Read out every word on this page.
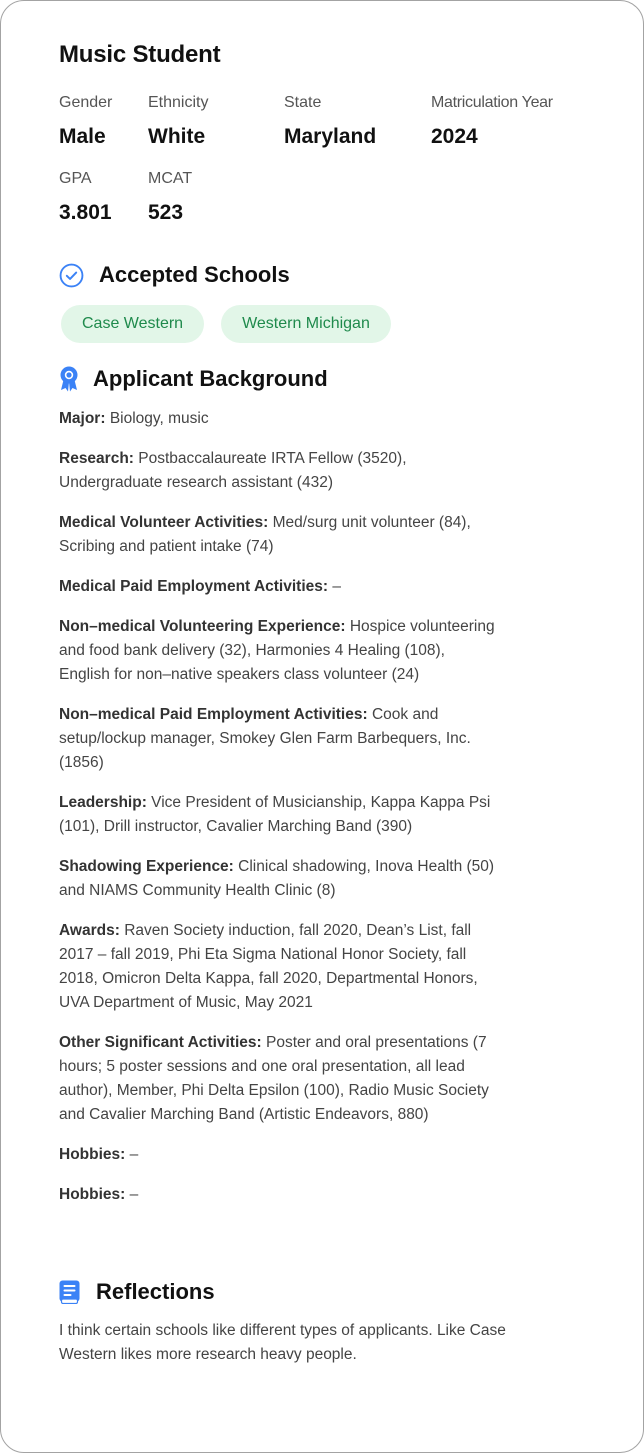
Music Student
Gender
Male
Ethnicity
White
State
Maryland
Matriculation Year
2024
GPA
3.801
MCAT
523
Accepted Schools
Case Western	Western Michigan
Applicant Background

Major: Biology, music

Research: Postbaccalaureate IRTA Fellow (3520), Undergraduate research assistant (432)

Medical Volunteer Activities: Med/surg unit volunteer (84), Scribing and patient intake (74)

Medical Paid Employment Activities: –

Non–medical Volunteering Experience: Hospice volunteering and food bank delivery (32), Harmonies 4 Healing (108), English for non–native speakers class volunteer (24)

Non–medical Paid Employment Activities: Cook and setup/lockup manager, Smokey Glen Farm Barbequers, Inc. (1856)

Leadership: Vice President of Musicianship, Kappa Kappa Psi (101), Drill instructor, Cavalier Marching Band (390)

Shadowing Experience: Clinical shadowing, Inova Health (50) and NIAMS Community Health Clinic (8)

Awards: Raven Society induction, fall 2020, Dean’s List, fall 2017 – fall 2019, Phi Eta Sigma National Honor Society, fall 2018, Omicron Delta Kappa, fall 2020, Departmental Honors, UVA Department of Music, May 2021

Other Significant Activities: Poster and oral presentations (7 hours; 5 poster sessions and one oral presentation, all lead author), Member, Phi Delta Epsilon (100), Radio Music Society and Cavalier Marching Band (Artistic Endeavors, 880)

Hobbies: –

Hobbies: –

Reflections

I think certain schools like different types of applicants. Like Case Western likes more research heavy people.
